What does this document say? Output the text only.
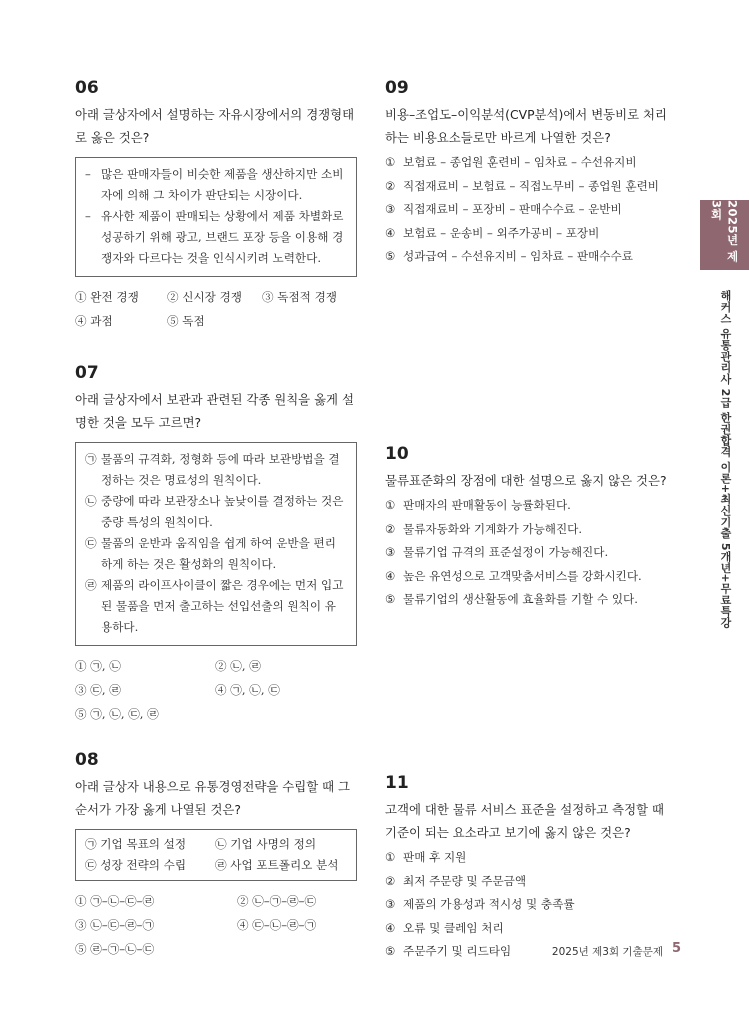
2025년 제3회
해커스 유통관리사 2급 한권합격 이론+최신기출 5개년+무료특강
06
아래 글상자에서 설명하는 자유시장에서의 경쟁형태로 옳은 것은?
– 많은 판매자들이 비슷한 제품을 생산하지만 소비자에 의해 그 차이가 판단되는 시장이다.
– 유사한 제품이 판매되는 상황에서 제품 차별화로 성공하기 위해 광고, 브랜드 포장 등을 이용해 경쟁자와 다르다는 것을 인식시키려 노력한다.
① 완전 경쟁	② 신시장 경쟁	③ 독점적 경쟁
④ 과점	⑤ 독점
07
아래 글상자에서 보관과 관련된 각종 원칙을 옳게 설명한 것을 모두 고르면?
㉠ 물품의 규격화, 정형화 등에 따라 보관방법을 결정하는 것은 명료성의 원칙이다.
㉡ 중량에 따라 보관장소나 높낮이를 결정하는 것은 중량 특성의 원칙이다.
㉢ 물품의 운반과 움직임을 쉽게 하여 운반을 편리하게 하는 것은 활성화의 원칙이다.
㉣ 제품의 라이프사이클이 짧은 경우에는 먼저 입고된 물품을 먼저 출고하는 선입선출의 원칙이 유용하다.
① ㉠, ㉡	② ㉡, ㉣
③ ㉢, ㉣	④ ㉠, ㉡, ㉢
⑤ ㉠, ㉡, ㉢, ㉣
08
아래 글상자 내용으로 유통경영전략을 수립할 때 그 순서가 가장 옳게 나열된 것은?
㉠ 기업 목표의 설정	㉡ 기업 사명의 정의
㉢ 성장 전략의 수립	㉣ 사업 포트폴리오 분석
① ㉠–㉡–㉢–㉣	② ㉡–㉠–㉣–㉢
③ ㉡–㉢–㉣–㉠	④ ㉢–㉡–㉣–㉠
⑤ ㉣–㉠–㉡–㉢
09
비용–조업도–이익분석(CVP분석)에서 변동비로 처리하는 비용요소들로만 바르게 나열한 것은?
① 보험료 – 종업원 훈련비 – 임차료 – 수선유지비
② 직접재료비 – 보험료 – 직접노무비 – 종업원 훈련비
③ 직접재료비 – 포장비 – 판매수수료 – 운반비
④ 보험료 – 운송비 – 외주가공비 – 포장비
⑤ 성과급여 – 수선유지비 – 임차료 – 판매수수료
10
물류표준화의 장점에 대한 설명으로 옳지 않은 것은?
① 판매자의 판매활동이 능률화된다.
② 물류자동화와 기계화가 가능해진다.
③ 물류기업 규격의 표준설정이 가능해진다.
④ 높은 유연성으로 고객맞춤서비스를 강화시킨다.
⑤ 물류기업의 생산활동에 효율화를 기할 수 있다.
11
고객에 대한 물류 서비스 표준을 설정하고 측정할 때 기준이 되는 요소라고 보기에 옳지 않은 것은?
① 판매 후 지원
② 최저 주문량 및 주문금액
③ 제품의 가용성과 적시성 및 충족률
④ 오류 및 클레임 처리
⑤ 주문주기 및 리드타임	2025년 제3회 기출문제 5
